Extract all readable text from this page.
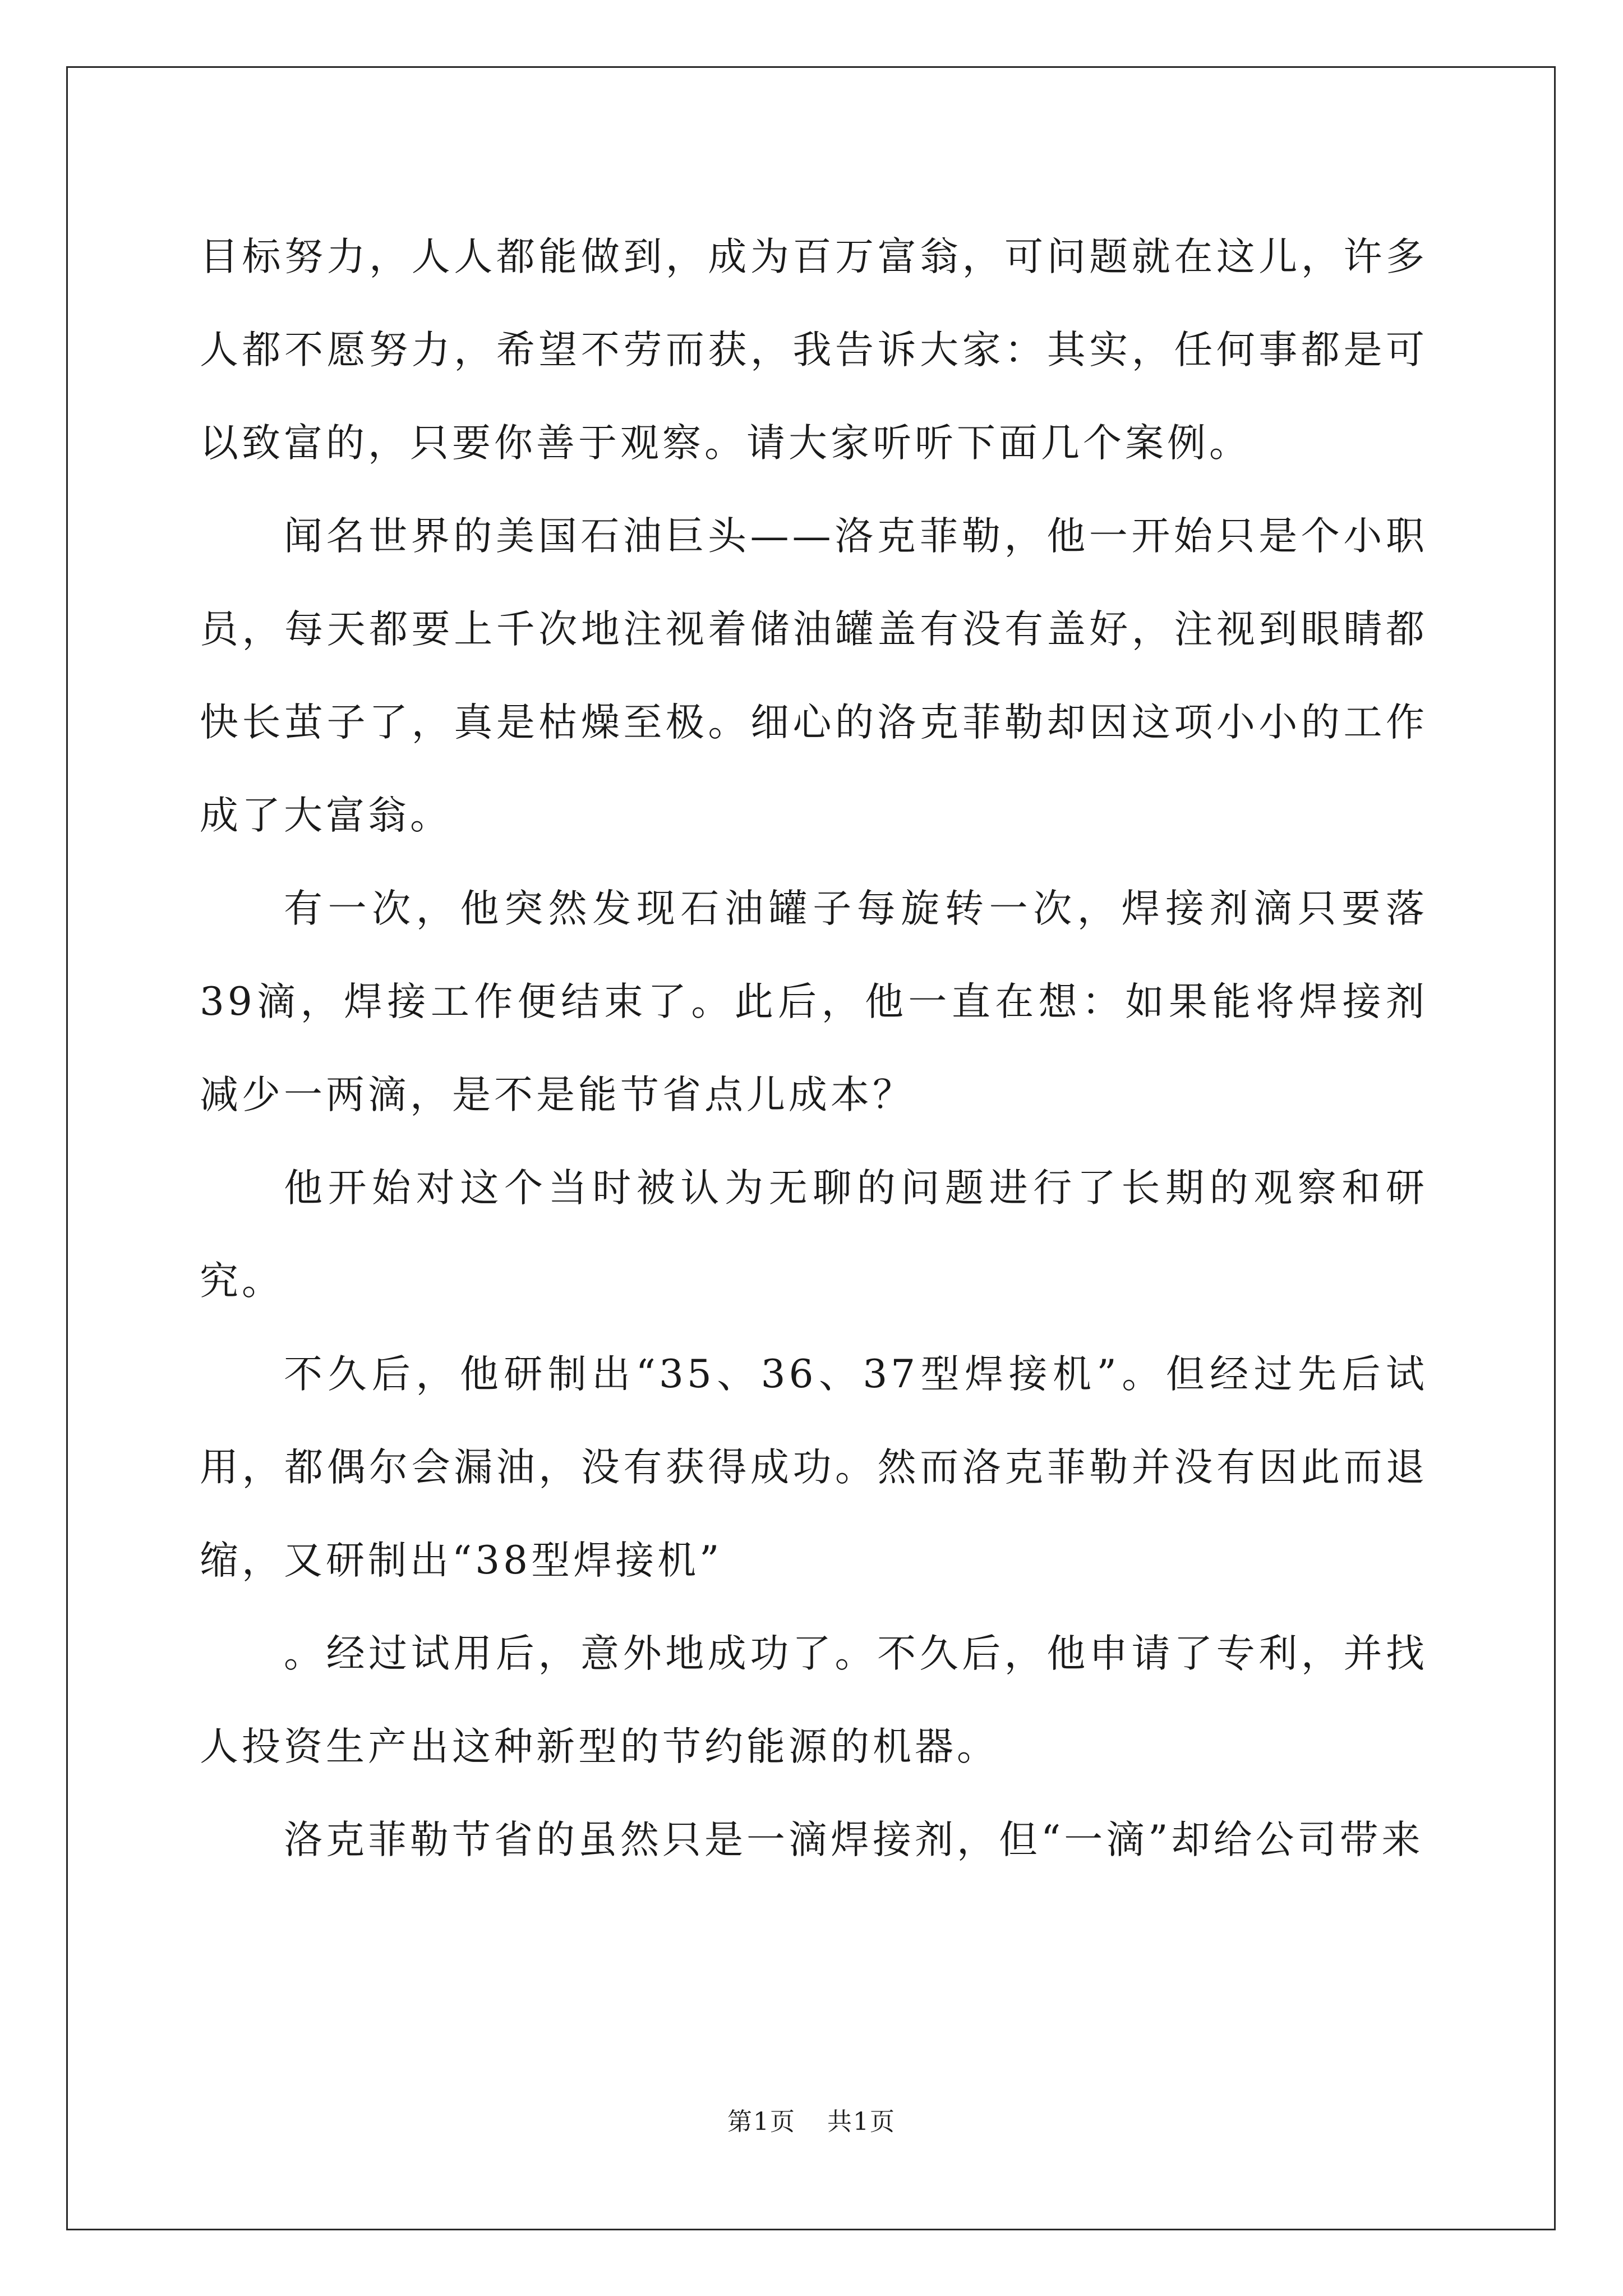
目标努力，人人都能做到，成为百万富翁，可问题就在这儿，许多人都不愿努力，希望不劳而获，我告诉大家：其实，任何事都是可以致富的，只要你善于观察。请大家听听下面几个案例。

闻名世界的美国石油巨头——洛克菲勒，他一开始只是个小职员，每天都要上千次地注视着储油罐盖有没有盖好，注视到眼睛都快长茧子了，真是枯燥至极。细心的洛克菲勒却因这项小小的工作成了大富翁。

有一次，他突然发现石油罐子每旋转一次，焊接剂滴只要落39滴，焊接工作便结束了。此后，他一直在想：如果能将焊接剂减少一两滴，是不是能节省点儿成本？

他开始对这个当时被认为无聊的问题进行了长期的观察和研究。

不久后，他研制出“35、36、37型焊接机”。但经过先后试用，都偶尔会漏油，没有获得成功。然而洛克菲勒并没有因此而退缩，又研制出“38型焊接机”

。经过试用后，意外地成功了。不久后，他申请了专利，并找人投资生产出这种新型的节约能源的机器。

洛克菲勒节省的虽然只是一滴焊接剂，但“一滴”却给公司带来

第1页 共1页
